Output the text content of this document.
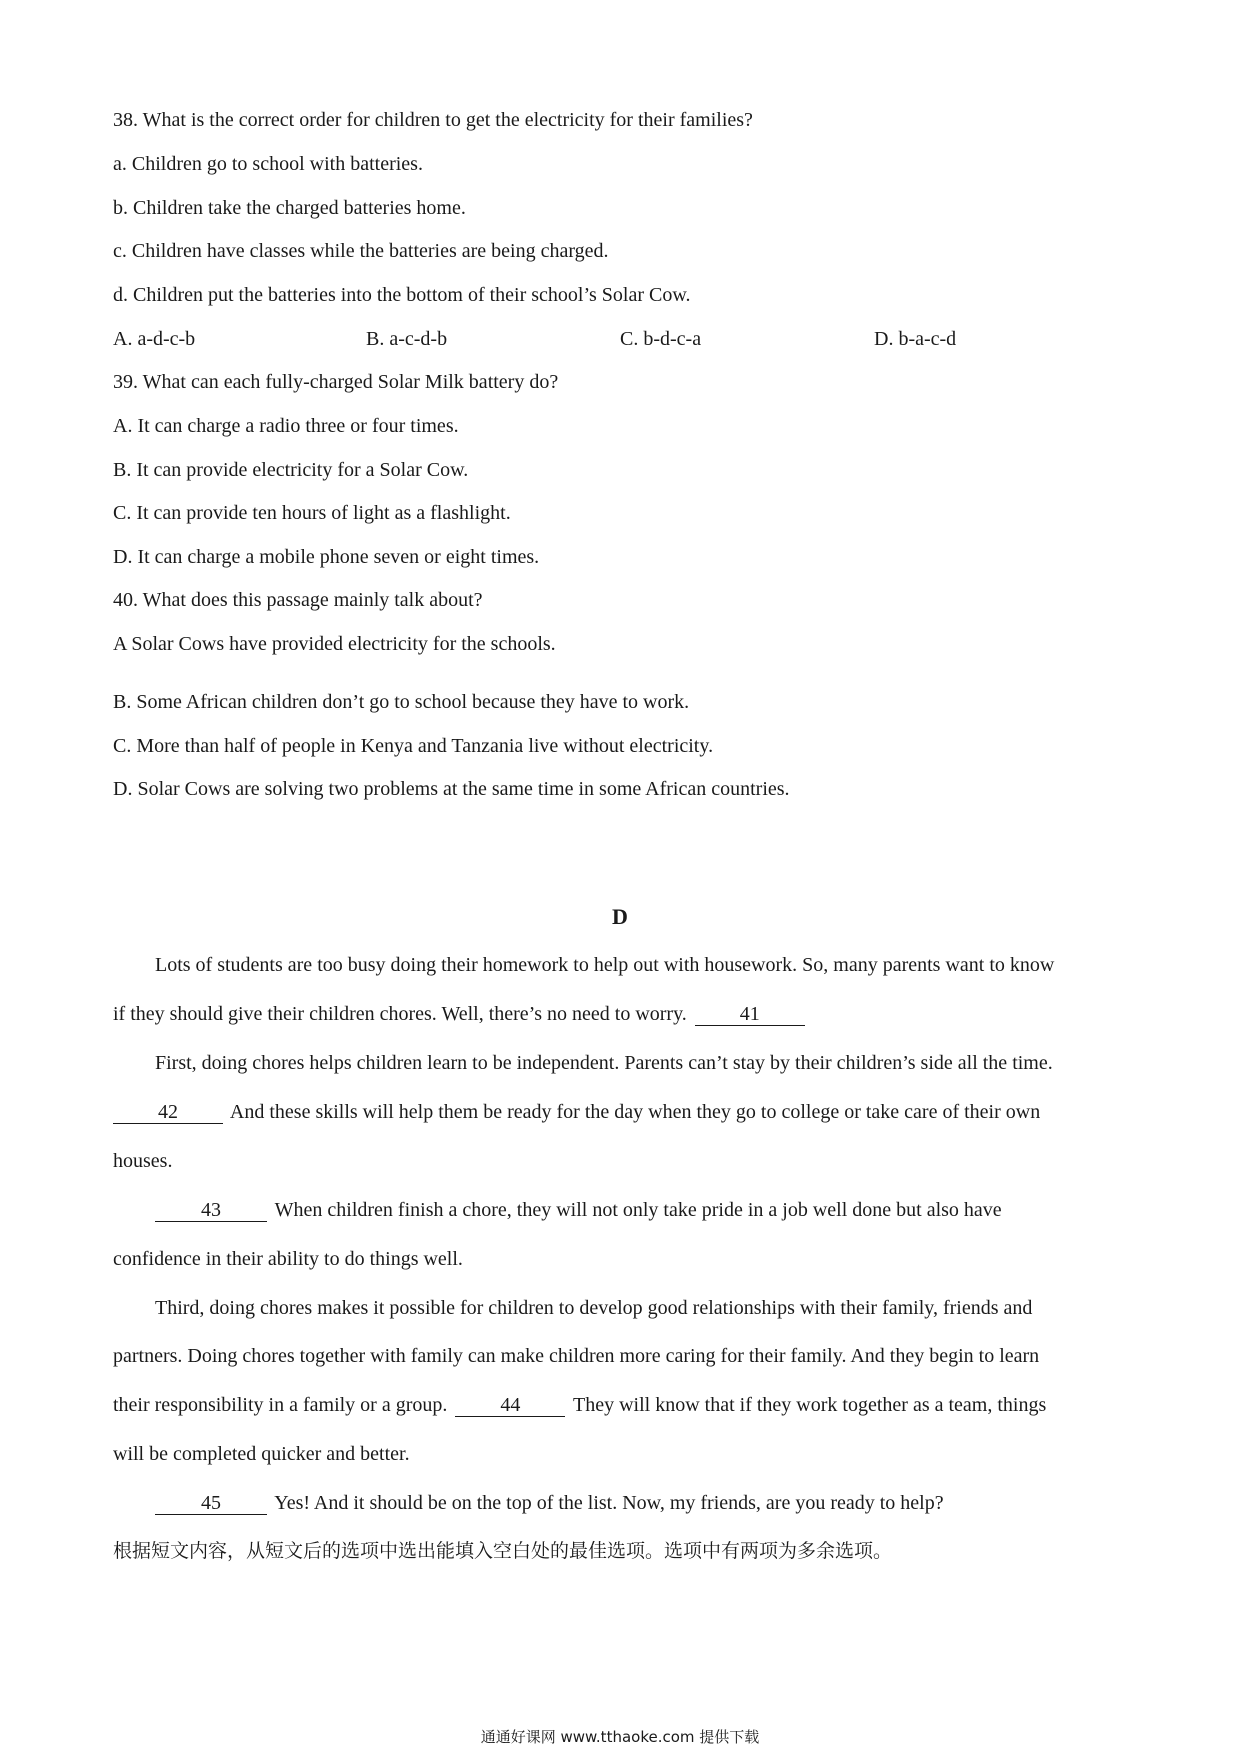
38. What is the correct order for children to get the electricity for their families?
a. Children go to school with batteries.
b. Children take the charged batteries home.
c. Children have classes while the batteries are being charged.
d. Children put the batteries into the bottom of their school’s Solar Cow.
A. a-d-c-b	B. a-c-d-b	C. b-d-c-a	D. b-a-c-d
39. What can each fully-charged Solar Milk battery do?
A. It can charge a radio three or four times.
B. It can provide electricity for a Solar Cow.
C. It can provide ten hours of light as a flashlight.
D. It can charge a mobile phone seven or eight times.
40. What does this passage mainly talk about?
A Solar Cows have provided electricity for the schools.
B. Some African children don’t go to school because they have to work.
C. More than half of people in Kenya and Tanzania live without electricity.
D. Solar Cows are solving two problems at the same time in some African countries.
D
Lots of students are too busy doing their homework to help out with housework. So, many parents want to know
if they should give their children chores. Well, there’s no need to worry.	41
First, doing chores helps children learn to be independent. Parents can’t stay by their children’s side all the time.
42	And these skills will help them be ready for the day when they go to college or take care of their own
houses.
43	When children finish a chore, they will not only take pride in a job well done but also have
confidence in their ability to do things well.
Third, doing chores makes it possible for children to develop good relationships with their family, friends and
partners. Doing chores together with family can make children more caring for their family. And they begin to learn
their responsibility in a family or a group.	44	They will know that if they work together as a team, things
will be completed quicker and better.
45	Yes! And it should be on the top of the list. Now, my friends, are you ready to help?
根据短文内容，从短文后的选项中选出能填入空白处的最佳选项。选项中有两项为多余选项。
通通好课网 www.tthaoke.com 提供下载
